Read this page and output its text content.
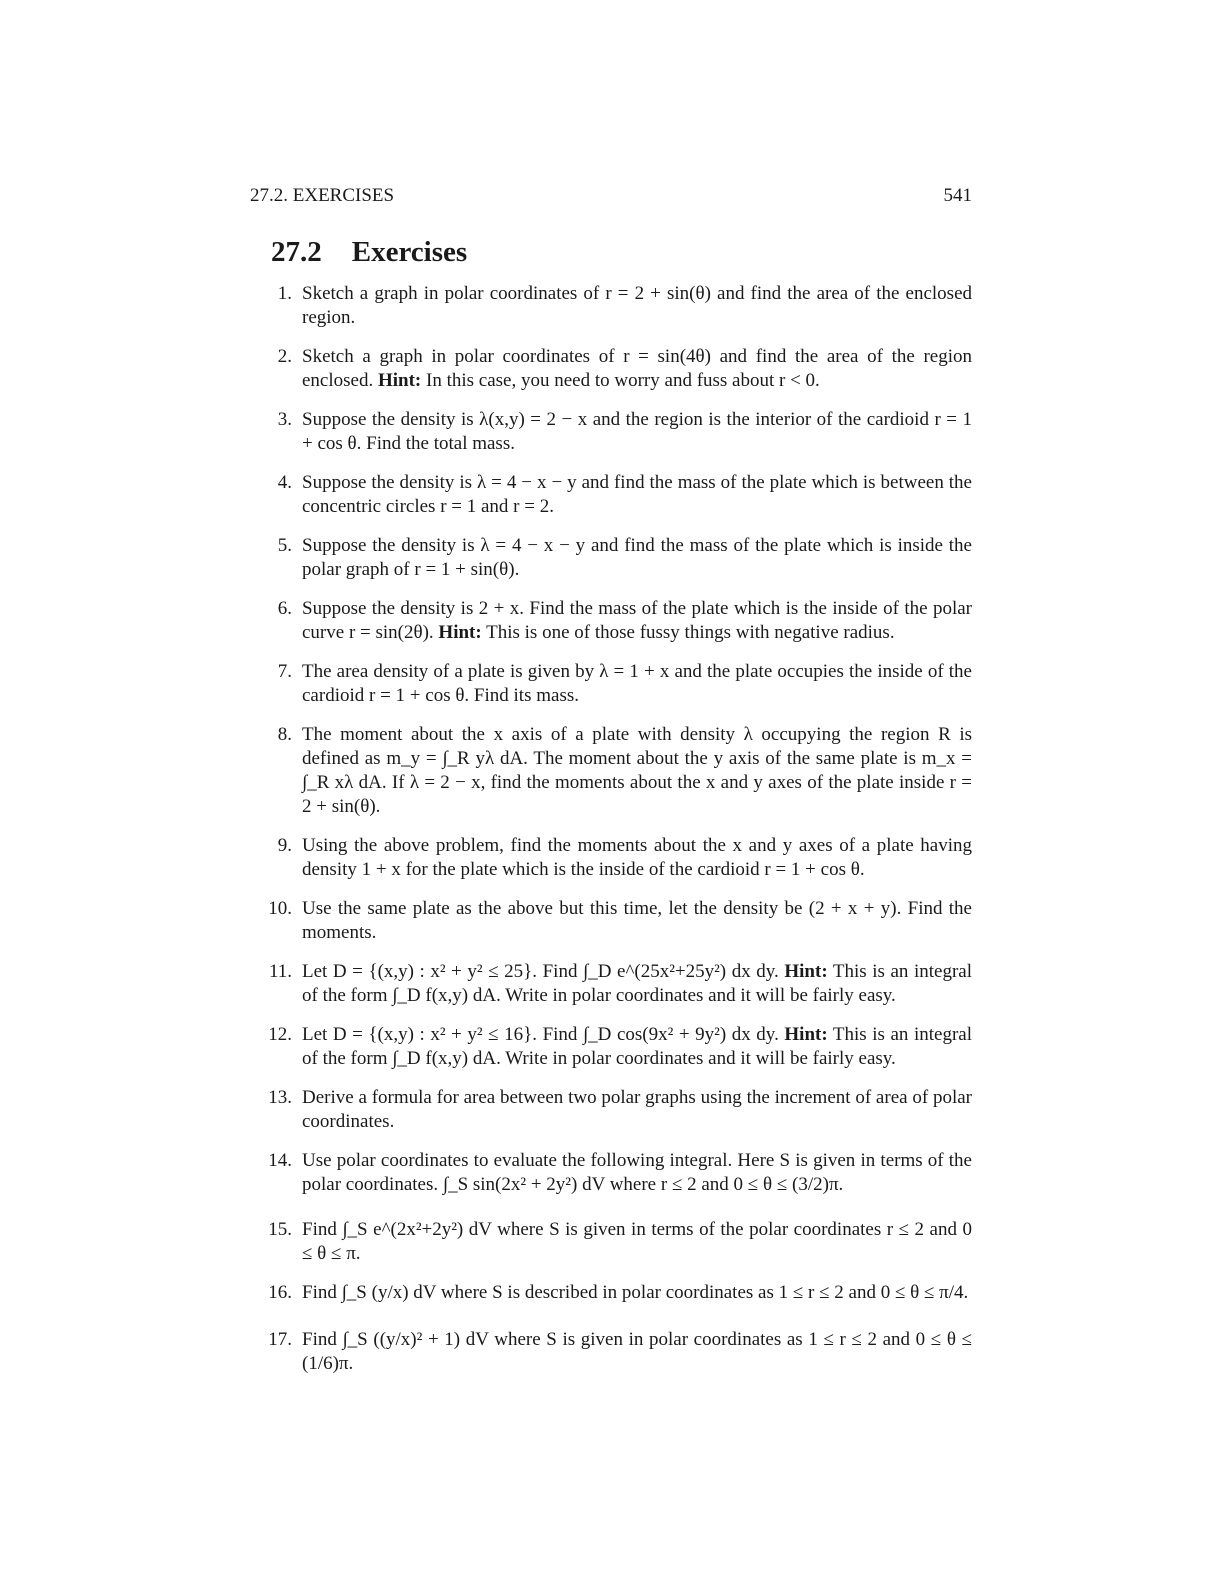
27.2. EXERCISES	541
27.2 Exercises
1. Sketch a graph in polar coordinates of r = 2 + sin(θ) and find the area of the enclosed region.
2. Sketch a graph in polar coordinates of r = sin(4θ) and find the area of the region enclosed. Hint: In this case, you need to worry and fuss about r < 0.
3. Suppose the density is λ(x,y) = 2 − x and the region is the interior of the cardioid r = 1 + cos θ. Find the total mass.
4. Suppose the density is λ = 4 − x − y and find the mass of the plate which is between the concentric circles r = 1 and r = 2.
5. Suppose the density is λ = 4 − x − y and find the mass of the plate which is inside the polar graph of r = 1 + sin(θ).
6. Suppose the density is 2 + x. Find the mass of the plate which is the inside of the polar curve r = sin(2θ). Hint: This is one of those fussy things with negative radius.
7. The area density of a plate is given by λ = 1 + x and the plate occupies the inside of the cardioid r = 1 + cos θ. Find its mass.
8. The moment about the x axis of a plate with density λ occupying the region R is defined as m_y = ∫_R yλ dA. The moment about the y axis of the same plate is m_x = ∫_R xλ dA. If λ = 2 − x, find the moments about the x and y axes of the plate inside r = 2 + sin(θ).
9. Using the above problem, find the moments about the x and y axes of a plate having density 1 + x for the plate which is the inside of the cardioid r = 1 + cos θ.
10. Use the same plate as the above but this time, let the density be (2 + x + y). Find the moments.
11. Let D = {(x,y) : x² + y² ≤ 25}. Find ∫_D e^(25x²+25y²) dx dy. Hint: This is an integral of the form ∫_D f(x,y) dA. Write in polar coordinates and it will be fairly easy.
12. Let D = {(x,y) : x² + y² ≤ 16}. Find ∫_D cos(9x² + 9y²) dx dy. Hint: This is an integral of the form ∫_D f(x,y) dA. Write in polar coordinates and it will be fairly easy.
13. Derive a formula for area between two polar graphs using the increment of area of polar coordinates.
14. Use polar coordinates to evaluate the following integral. Here S is given in terms of the polar coordinates. ∫_S sin(2x² + 2y²) dV where r ≤ 2 and 0 ≤ θ ≤ (3/2)π.
15. Find ∫_S e^(2x²+2y²) dV where S is given in terms of the polar coordinates r ≤ 2 and 0 ≤ θ ≤ π.
16. Find ∫_S (y/x) dV where S is described in polar coordinates as 1 ≤ r ≤ 2 and 0 ≤ θ ≤ π/4.
17. Find ∫_S ((y/x)² + 1) dV where S is given in polar coordinates as 1 ≤ r ≤ 2 and 0 ≤ θ ≤ (1/6)π.
